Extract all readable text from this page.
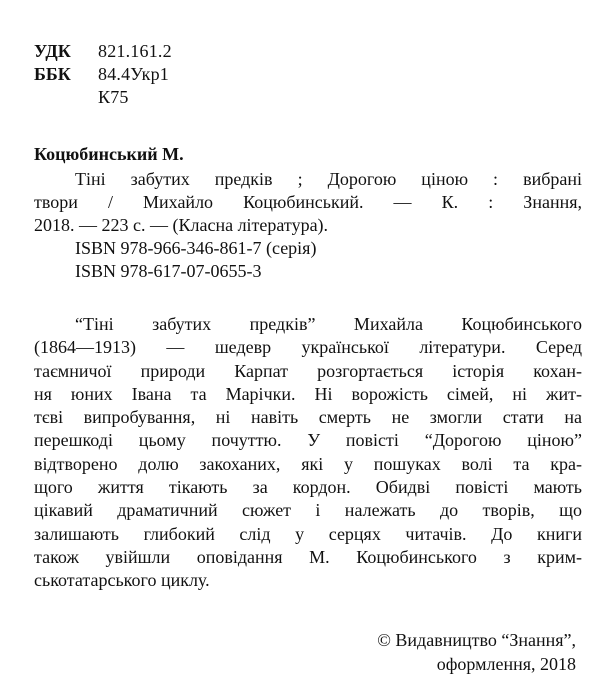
УДК	821.161.2
ББК	84.4Укр1
К75
Коцюбинський М.
Тіні забутих предків ; Дорогою ціною : вибрані
твори / Михайло Коцюбинський. — К. : Знання,
2018. — 223 с. — (Класна література).
ISBN 978-966-346-861-7 (серія)
ISBN 978-617-07-0655-3
“Тіні забутих предків” Михайла Коцюбинського
(1864—1913) — шедевр української літератури. Серед
таємничої природи Карпат розгортається історія кохан-
ня юних Івана та Марічки. Ні ворожість сімей, ні жит-
тєві випробування, ні навіть смерть не змогли стати на
перешкоді цьому почуттю. У повісті “Дорогою ціною”
відтворено долю закоханих, які у пошуках волі та кра-
щого життя тікають за кордон. Обидві повісті мають
цікавий драматичний сюжет і належать до творів, що
залишають глибокий слід у серцях читачів. До книги
також увійшли оповідання М. Коцюбинського з крим-
ськотатарського циклу.
© Видавництво “Знання”,
оформлення, 2018
